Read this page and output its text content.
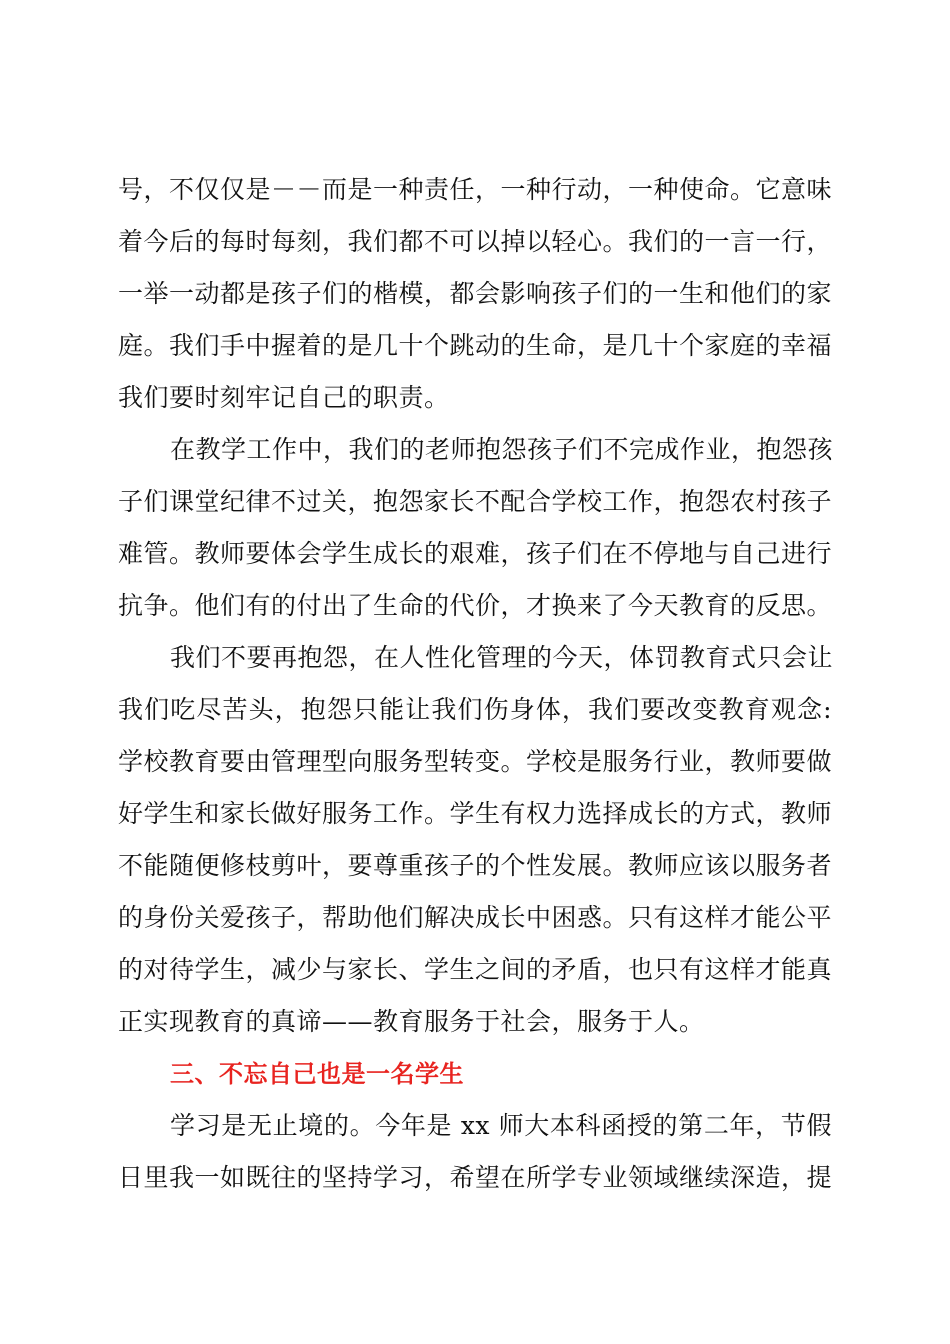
号，不仅仅是－－而是一种责任，一种行动，一种使命。它意味
着今后的每时每刻，我们都不可以掉以轻心。我们的一言一行，
一举一动都是孩子们的楷模，都会影响孩子们的一生和他们的家
庭。我们手中握着的是几十个跳动的生命，是几十个家庭的幸福
我们要时刻牢记自己的职责。
在教学工作中，我们的老师抱怨孩子们不完成作业，抱怨孩
子们课堂纪律不过关，抱怨家长不配合学校工作，抱怨农村孩子
难管。教师要体会学生成长的艰难，孩子们在不停地与自己进行
抗争。他们有的付出了生命的代价，才换来了今天教育的反思。
我们不要再抱怨，在人性化管理的今天，体罚教育式只会让
我们吃尽苦头，抱怨只能让我们伤身体，我们要改变教育观念:
学校教育要由管理型向服务型转变。学校是服务行业，教师要做
好学生和家长做好服务工作。学生有权力选择成长的方式，教师
不能随便修枝剪叶，要尊重孩子的个性发展。教师应该以服务者
的身份关爱孩子，帮助他们解决成长中困惑。只有这样才能公平
的对待学生，减少与家长、学生之间的矛盾，也只有这样才能真
正实现教育的真谛——教育服务于社会，服务于人。
三、不忘自己也是一名学生
学习是无止境的。今年是 xx 师大本科函授的第二年，节假
日里我一如既往的坚持学习，希望在所学专业领域继续深造，提
